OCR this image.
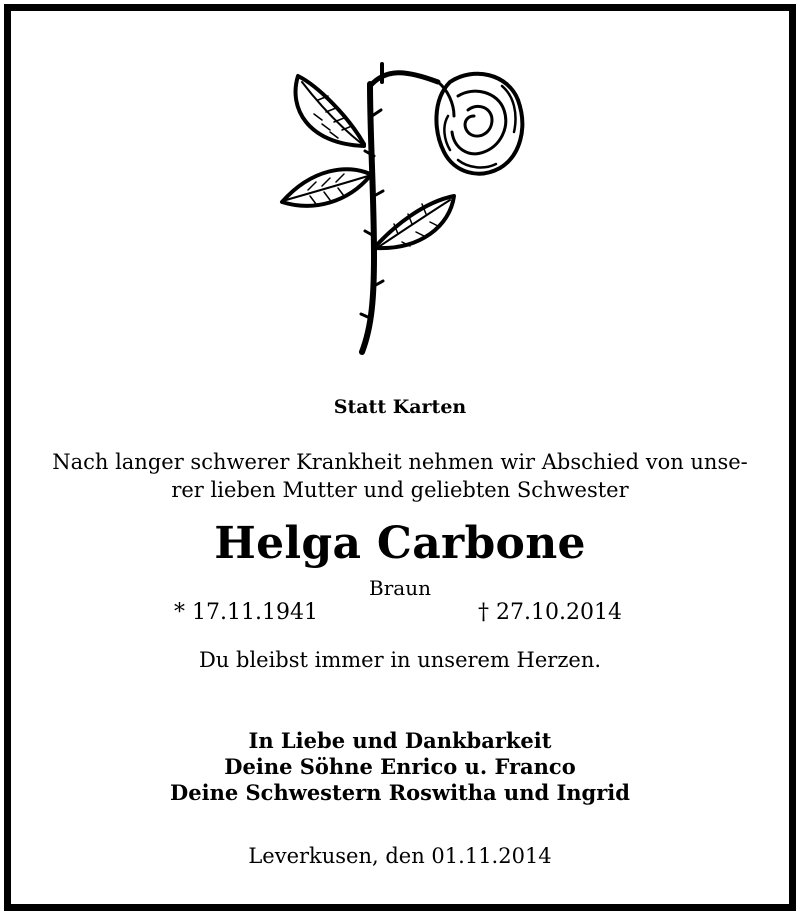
Statt Karten
Nach langer schwerer Krankheit nehmen wir Abschied von unse-
rer lieben Mutter und geliebten Schwester
Helga Carbone
Braun
* 17.11.1941	† 27.10.2014
Du bleibst immer in unserem Herzen.
In Liebe und Dankbarkeit
Deine Söhne Enrico u. Franco
Deine Schwestern Roswitha und Ingrid
Leverkusen, den 01.11.2014
